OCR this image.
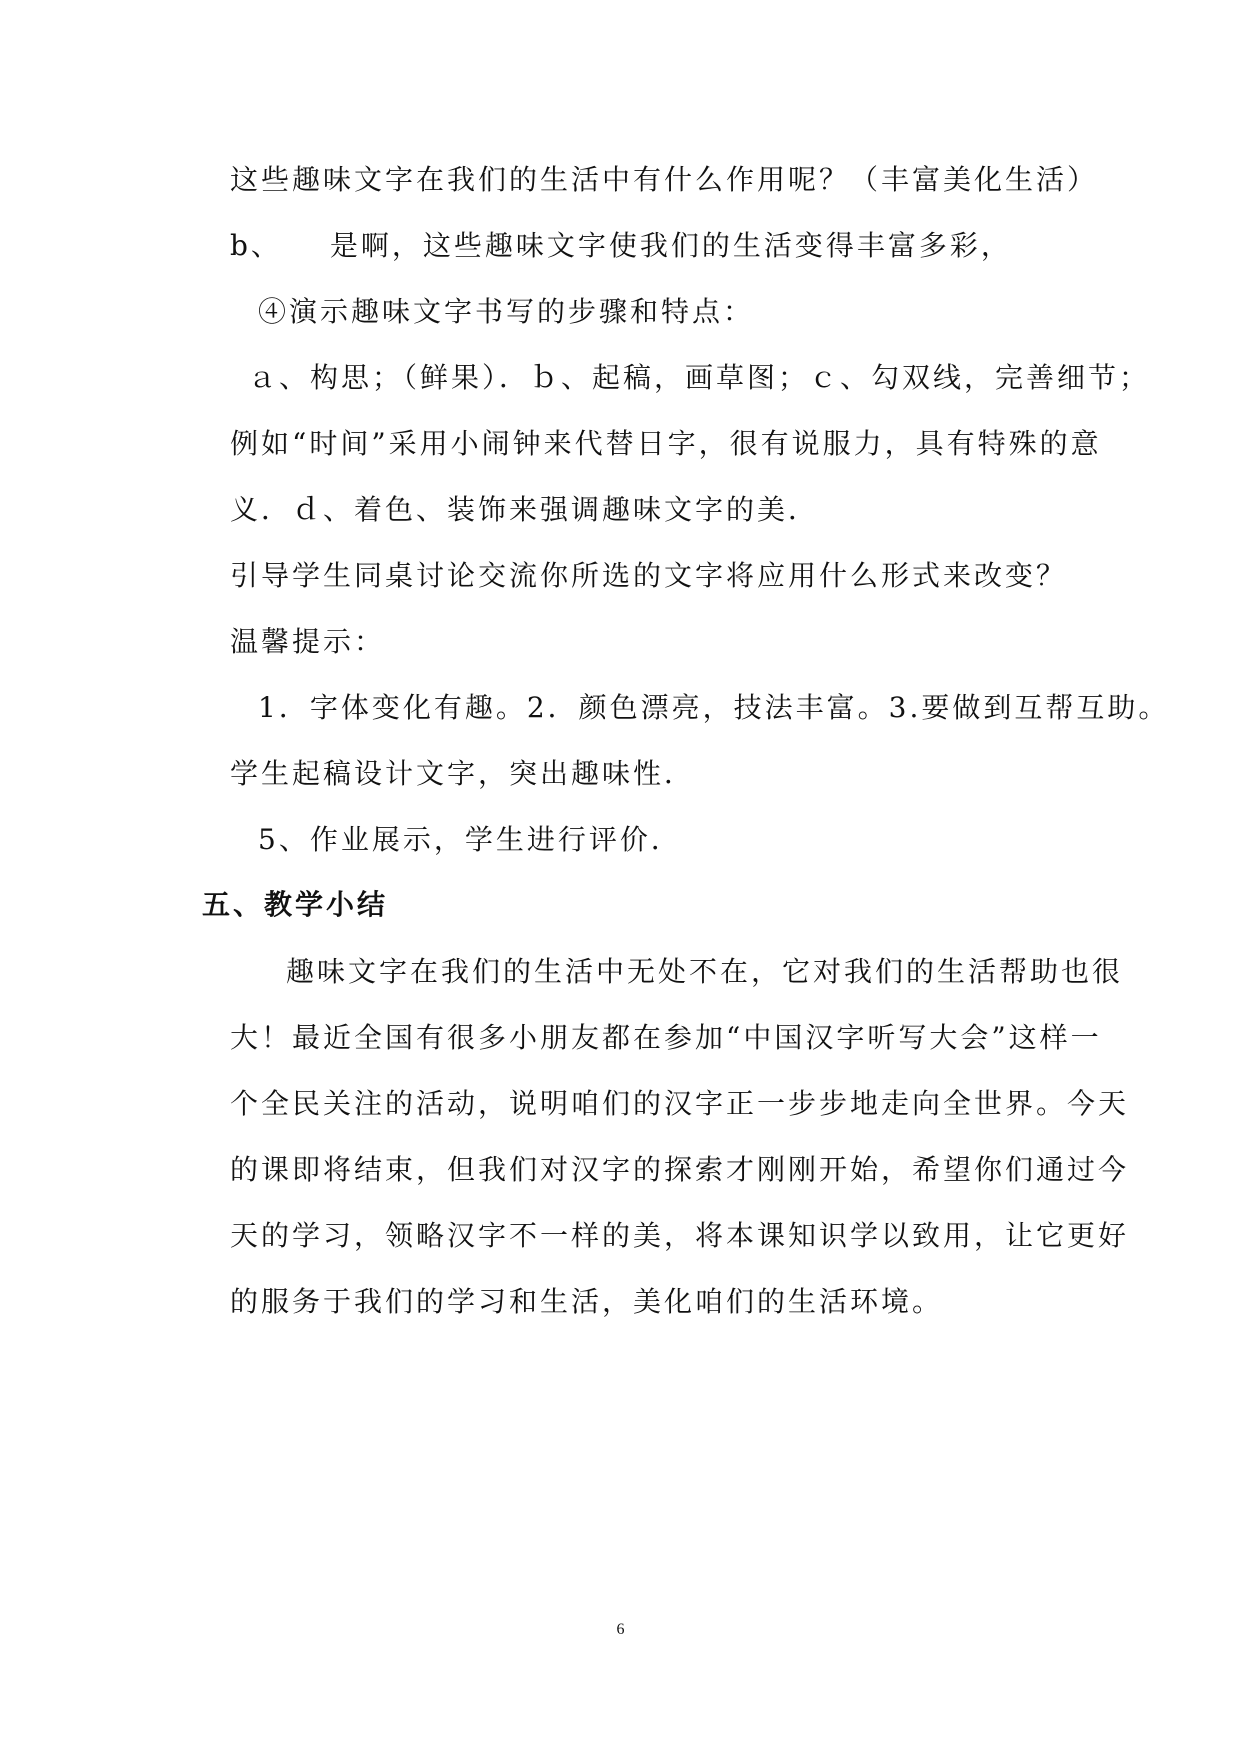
这些趣味文字在我们的生活中有什么作用呢？（丰富美化生活）
b、　　是啊，这些趣味文字使我们的生活变得丰富多彩，
④演示趣味文字书写的步骤和特点：
ａ、构思；（鲜果）．ｂ、起稿，画草图；ｃ、勾双线，完善细节；
例如“时间”采用小闹钟来代替日字，很有说服力，具有特殊的意
义．ｄ、着色、装饰来强调趣味文字的美．
引导学生同桌讨论交流你所选的文字将应用什么形式来改变？
温馨提示：
1．字体变化有趣。2．颜色漂亮，技法丰富。3.要做到互帮互助。
学生起稿设计文字，突出趣味性．
5、作业展示，学生进行评价．
五、教学小结
趣味文字在我们的生活中无处不在，它对我们的生活帮助也很
大！最近全国有很多小朋友都在参加“中国汉字听写大会”这样一
个全民关注的活动，说明咱们的汉字正一步步地走向全世界。今天
的课即将结束，但我们对汉字的探索才刚刚开始，希望你们通过今
天的学习，领略汉字不一样的美，将本课知识学以致用，让它更好
的服务于我们的学习和生活，美化咱们的生活环境。
6
